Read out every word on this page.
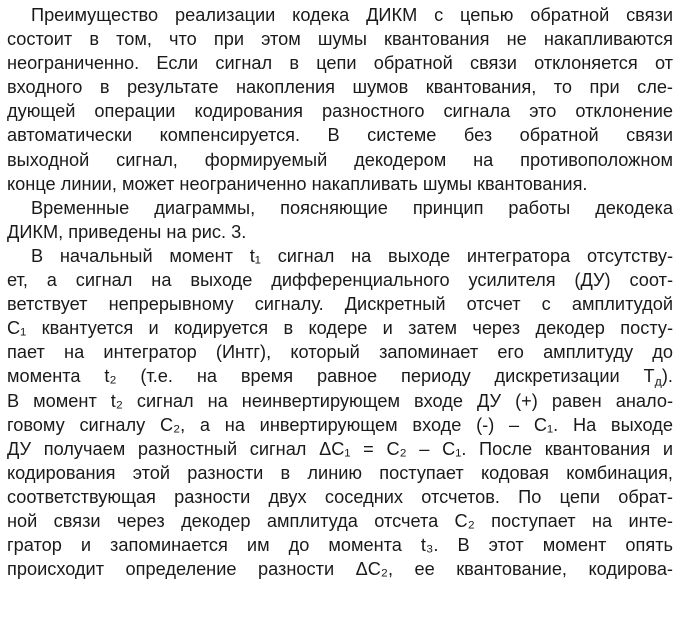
Преимущество реализации кодека ДИКМ с цепью обратной связи
состоит в том, что при этом шумы квантования не накапливаются
неограниченно. Если сигнал в цепи обратной связи отклоняется от
входного в результате накопления шумов квантования, то при сле-
дующей операции кодирования разностного сигнала это отклонение
автоматически компенсируется. В системе без обратной связи
выходной сигнал, формируемый декодером на противоположном
конце линии, может неограниченно накапливать шумы квантования.
Временные диаграммы, поясняющие принцип работы декодека
ДИКМ, приведены на рис. 3.
В начальный момент t₁ сигнал на выходе интегратора отсутству-
ет, а сигнал на выходе дифференциального усилителя (ДУ) соот-
ветствует непрерывному сигналу. Дискретный отсчет с амплитудой
C₁ квантуется и кодируется в кодере и затем через декодер посту-
пает на интегратор (Интг), который запоминает его амплитуду до
момента t₂ (т.е. на время равное периоду дискретизации $T_д$).
В момент t₂ сигнал на неинвертирующем входе ДУ (+) равен анало-
говому сигналу C₂, а на инвертирующем входе (-) – C₁. На выходе
ДУ получаем разностный сигнал ΔC₁ = C₂ – C₁. После квантования и
кодирования этой разности в линию поступает кодовая комбинация,
соответствующая разности двух соседних отсчетов. По цепи обрат-
ной связи через декодер амплитуда отсчета C₂ поступает на инте-
гратор и запоминается им до момента t₃. В этот момент опять
происходит определение разности ΔC₂, ее квантование, кодирова-
